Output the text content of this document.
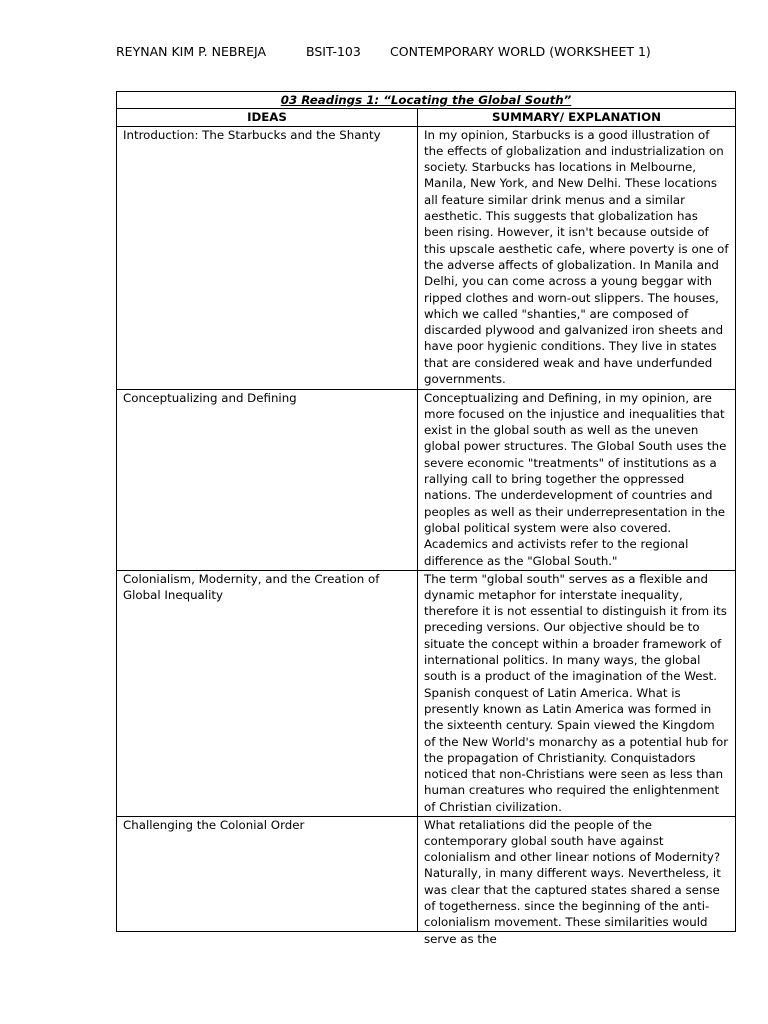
REYNAN KIM P. NEBREJA	BSIT-103 CONTEMPORARY WORLD (WORKSHEET 1)
03 Readings 1: “Locating the Global South”	
IDEAS	SUMMARY/ EXPLANATION
Introduction: The Starbucks and the Shanty	In my opinion, Starbucks is a good illustration of the effects of globalization and industrialization on society. Starbucks has locations in Melbourne, Manila, New York, and New Delhi. These locations all feature similar drink menus and a similar aesthetic. This suggests that globalization has been rising. However, it isn't because outside of this upscale aesthetic cafe, where poverty is one of the adverse affects of globalization. In Manila and Delhi, you can come across a young beggar with ripped clothes and worn-out slippers. The houses, which we called "shanties," are composed of discarded plywood and galvanized iron sheets and have poor hygienic conditions. They live in states that are considered weak and have underfunded governments.
Conceptualizing and Defining	Conceptualizing and Defining, in my opinion, are more focused on the injustice and inequalities that exist in the global south as well as the uneven global power structures. The Global South uses the severe economic "treatments" of institutions as a rallying call to bring together the oppressed nations. The underdevelopment of countries and peoples as well as their underrepresentation in the global political system were also covered. Academics and activists refer to the regional difference as the "Global South."
Colonialism, Modernity, and the Creation of Global Inequality	The term "global south" serves as a flexible and dynamic metaphor for interstate inequality, therefore it is not essential to distinguish it from its preceding versions. Our objective should be to situate the concept within a broader framework of international politics. In many ways, the global south is a product of the imagination of the West. Spanish conquest of Latin America. What is presently known as Latin America was formed in the sixteenth century. Spain viewed the Kingdom of the New World's monarchy as a potential hub for the propagation of Christianity. Conquistadors noticed that non-Christians were seen as less than human creatures who required the enlightenment of Christian civilization.
Challenging the Colonial Order	What retaliations did the people of the contemporary global south have against colonialism and other linear notions of Modernity? Naturally, in many different ways. Nevertheless, it was clear that the captured states shared a sense of togetherness. since the beginning of the anti-colonialism movement. These similarities would serve as the
